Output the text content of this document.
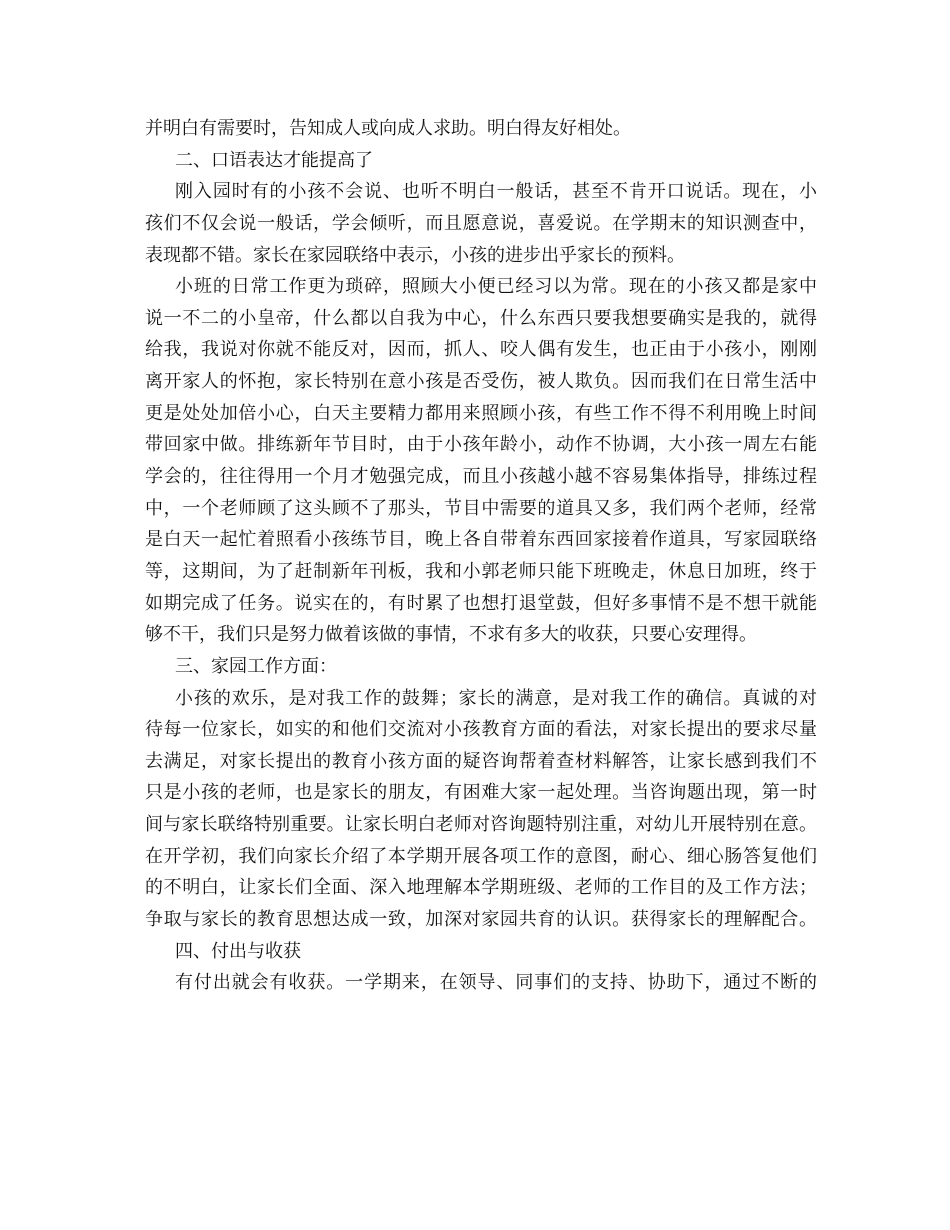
并明白有需要时，告知成人或向成人求助。明白得友好相处。
二、口语表达才能提高了
刚入园时有的小孩不会说、也听不明白一般话，甚至不肯开口说话。现在，小
孩们不仅会说一般话，学会倾听，而且愿意说，喜爱说。在学期末的知识测查中，
表现都不错。家长在家园联络中表示，小孩的进步出乎家长的预料。
小班的日常工作更为琐碎，照顾大小便已经习以为常。现在的小孩又都是家中
说一不二的小皇帝，什么都以自我为中心，什么东西只要我想要确实是我的，就得
给我，我说对你就不能反对，因而，抓人、咬人偶有发生，也正由于小孩小，刚刚
离开家人的怀抱，家长特别在意小孩是否受伤，被人欺负。因而我们在日常生活中
更是处处加倍小心，白天主要精力都用来照顾小孩，有些工作不得不利用晚上时间
带回家中做。排练新年节目时，由于小孩年龄小，动作不协调，大小孩一周左右能
学会的，往往得用一个月才勉强完成，而且小孩越小越不容易集体指导，排练过程
中，一个老师顾了这头顾不了那头，节目中需要的道具又多，我们两个老师，经常
是白天一起忙着照看小孩练节目，晚上各自带着东西回家接着作道具，写家园联络
等，这期间，为了赶制新年刊板，我和小郭老师只能下班晚走，休息日加班，终于
如期完成了任务。说实在的，有时累了也想打退堂鼓，但好多事情不是不想干就能
够不干，我们只是努力做着该做的事情，不求有多大的收获，只要心安理得。
三、家园工作方面：
小孩的欢乐，是对我工作的鼓舞；家长的满意，是对我工作的确信。真诚的对
待每一位家长，如实的和他们交流对小孩教育方面的看法，对家长提出的要求尽量
去满足，对家长提出的教育小孩方面的疑咨询帮着查材料解答，让家长感到我们不
只是小孩的老师，也是家长的朋友，有困难大家一起处理。当咨询题出现，第一时
间与家长联络特别重要。让家长明白老师对咨询题特别注重，对幼儿开展特别在意。
在开学初，我们向家长介绍了本学期开展各项工作的意图，耐心、细心肠答复他们
的不明白，让家长们全面、深入地理解本学期班级、老师的工作目的及工作方法；
争取与家长的教育思想达成一致，加深对家园共育的认识。获得家长的理解配合。
四、付出与收获
有付出就会有收获。一学期来，在领导、同事们的支持、协助下，通过不断的
